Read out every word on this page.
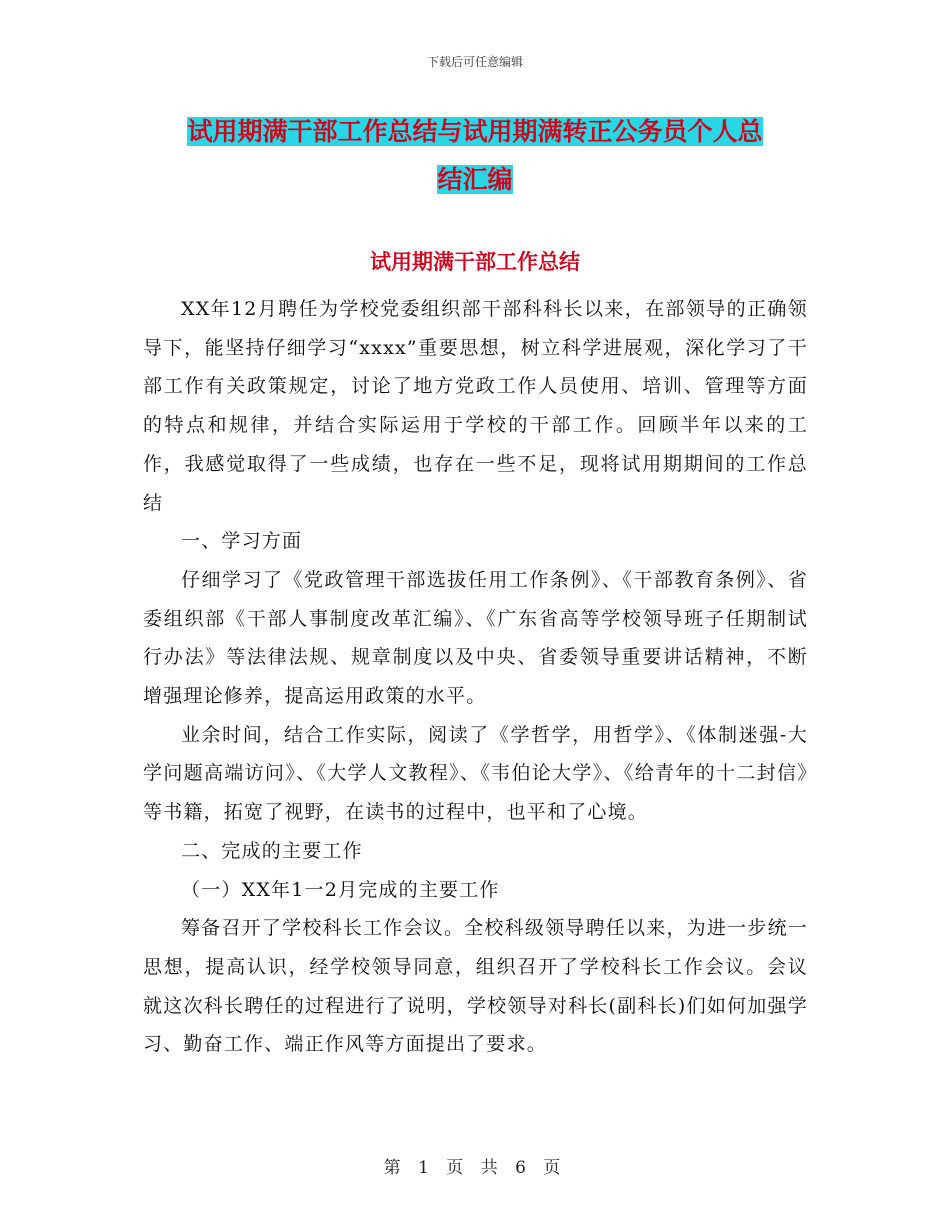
下载后可任意编辑
试用期满干部工作总结与试用期满转正公务员个人总
结汇编
试用期满干部工作总结

XX年12月聘任为学校党委组织部干部科科长以来，在部领导的正确领导下，能坚持仔细学习“xxxx”重要思想，树立科学进展观，深化学习了干部工作有关政策规定，讨论了地方党政工作人员使用、培训、管理等方面的特点和规律，并结合实际运用于学校的干部工作。回顾半年以来的工作，我感觉取得了一些成绩，也存在一些不足，现将试用期期间的工作总结

一、学习方面

仔细学习了《党政管理干部选拔任用工作条例》、《干部教育条例》、省委组织部《干部人事制度改革汇编》、《广东省高等学校领导班子任期制试行办法》等法律法规、规章制度以及中央、省委领导重要讲话精神，不断增强理论修养，提高运用政策的水平。

业余时间，结合工作实际，阅读了《学哲学，用哲学》、《体制迷强-大学问题高端访问》、《大学人文教程》、《韦伯论大学》、《给青年的十二封信》等书籍，拓宽了视野，在读书的过程中，也平和了心境。

二、完成的主要工作

（一）XX年1一2月完成的主要工作

筹备召开了学校科长工作会议。全校科级领导聘任以来，为进一步统一思想，提高认识，经学校领导同意，组织召开了学校科长工作会议。会议就这次科长聘任的过程进行了说明，学校领导对科长(副科长)们如何加强学习、勤奋工作、端正作风等方面提出了要求。

第 1 页 共 6 页
